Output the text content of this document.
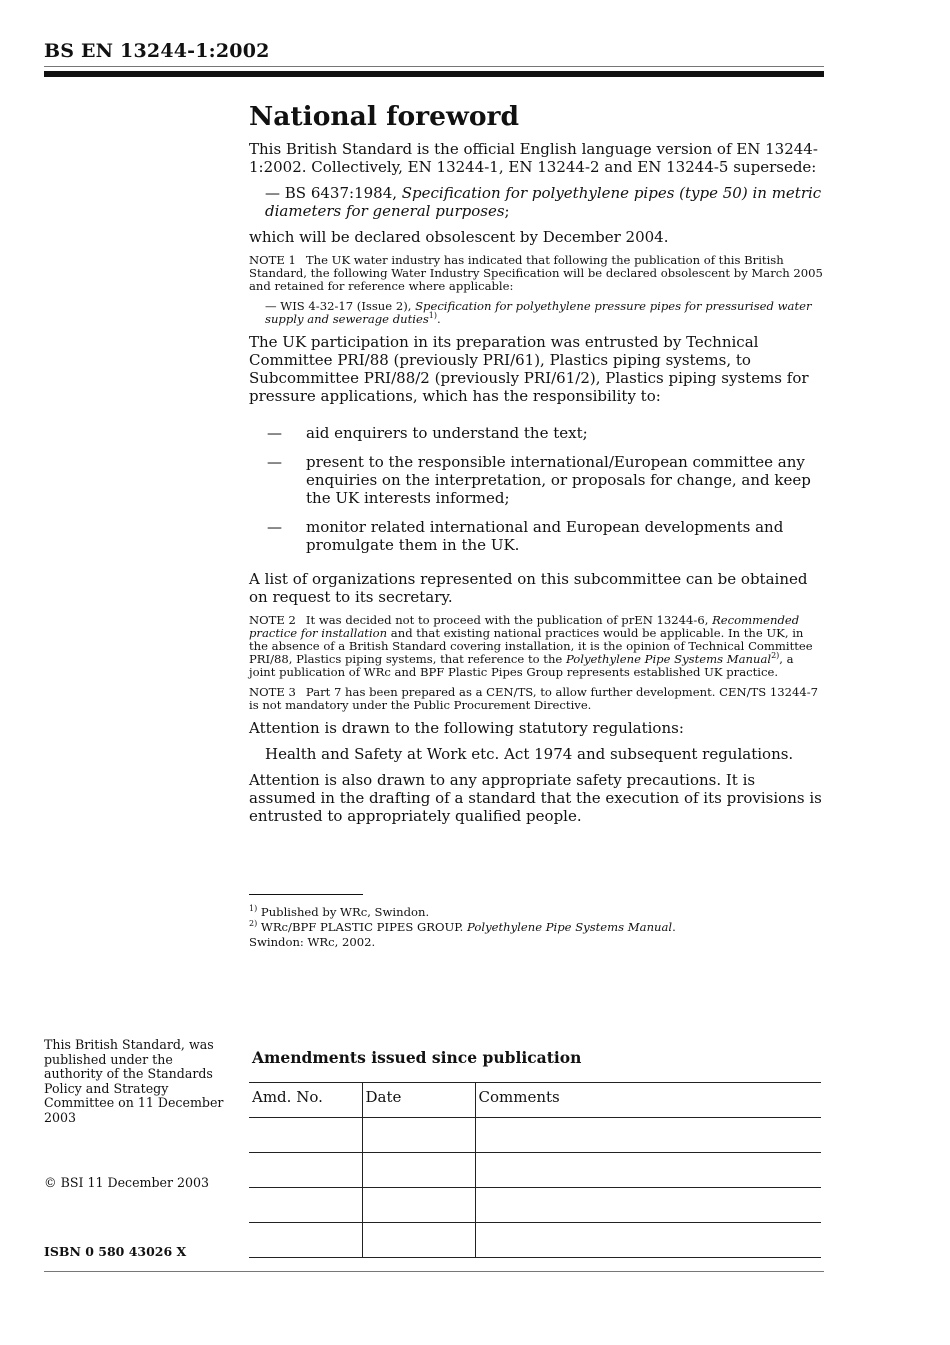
BS EN 13244-1:2002
National foreword

This British Standard is the official English language version of EN 13244-1:2002. Collectively, EN 13244-1, EN 13244-2 and EN 13244-5 supersede:

— BS 6437:1984, Specification for polyethylene pipes (type 50) in metric diameters for general purposes;

which will be declared obsolescent by December 2004.

NOTE 1 The UK water industry has indicated that following the publication of this British Standard, the following Water Industry Specification will be declared obsolescent by March 2005 and retained for reference where applicable:

— WIS 4-32-17 (Issue 2), Specification for polyethylene pressure pipes for pressurised water supply and sewerage duties$^{1)}$.

The UK participation in its preparation was entrusted by Technical Committee PRI/88 (previously PRI/61), Plastics piping systems, to Subcommittee PRI/88/2 (previously PRI/61/2), Plastics piping systems for pressure applications, which has the responsibility to:

— aid enquirers to understand the text;
— present to the responsible international/European committee any enquiries on the interpretation, or proposals for change, and keep the UK interests informed;
— monitor related international and European developments and promulgate them in the UK.

A list of organizations represented on this subcommittee can be obtained on request to its secretary.

NOTE 2 It was decided not to proceed with the publication of prEN 13244-6, Recommended practice for installation and that existing national practices would be applicable. In the UK, in the absence of a British Standard covering installation, it is the opinion of Technical Committee PRI/88, Plastics piping systems, that reference to the Polyethylene Pipe Systems Manual$^{2)}$, a joint publication of WRc and BPF Plastic Pipes Group represents established UK practice.

NOTE 3 Part 7 has been prepared as a CEN/TS, to allow further development. CEN/TS 13244-7 is not mandatory under the Public Procurement Directive.

Attention is drawn to the following statutory regulations:

Health and Safety at Work etc. Act 1974 and subsequent regulations.

Attention is also drawn to any appropriate safety precautions. It is assumed in the drafting of a standard that the execution of its provisions is entrusted to appropriately qualified people.

$^{1)}$ Published by WRc, Swindon.
$^{2)}$ WRc/BPF PLASTIC PIPES GROUP. Polyethylene Pipe Systems Manual.
Swindon: WRc, 2002.
This British Standard, was published under the authority of the Standards Policy and Strategy Committee on 11 December 2003
© BSI 11 December 2003
ISBN 0 580 43026 X
Amendments issued since publication
Amd. No.	Date	Comments
